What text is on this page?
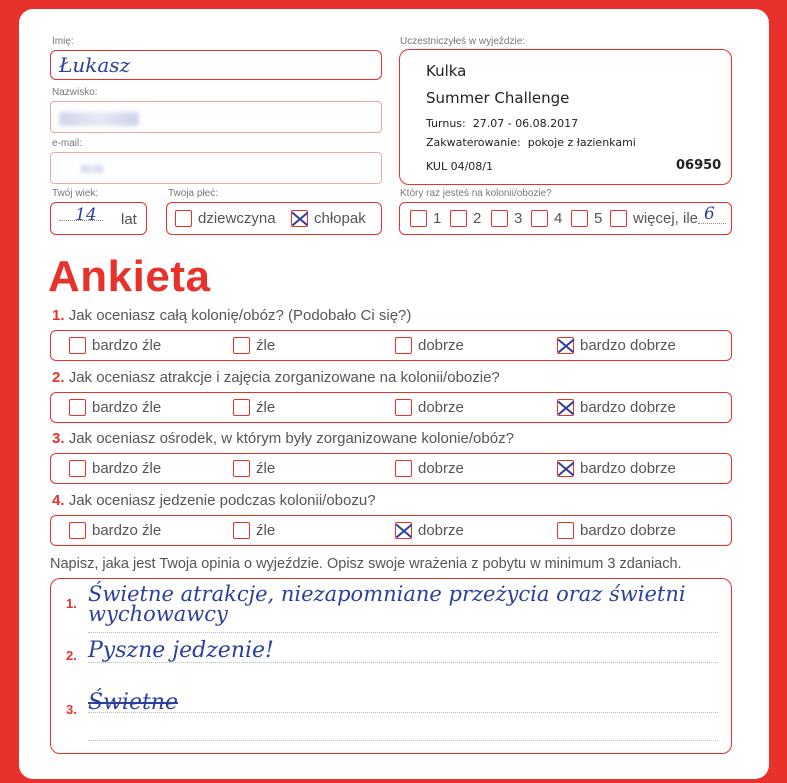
Imię:
Łukasz
Nazwisko:
e-mail:
Uczestniczyłeś w wyjeździe:
Kulka
Summer Challenge
Turnus: 27.07 - 06.08.2017
Zakwaterowanie: pokoje z łazienkami
KUL 04/08/1	06950
Twój wiek:
14 lat
Twoja płeć:
dziewczyna	chłopak
Który raz jesteś na kolonii/obozie?
1 2 3 4 5 więcej, ile 6
Ankieta
1. Jak oceniasz całą kolonię/obóz? (Podobało Ci się?)
bardzo źle	źle	dobrze	bardzo dobrze
2. Jak oceniasz atrakcje i zajęcia zorganizowane na kolonii/obozie?
bardzo źle	źle	dobrze	bardzo dobrze
3. Jak oceniasz ośrodek, w którym były zorganizowane kolonie/obóz?
bardzo źle	źle	dobrze	bardzo dobrze
4. Jak oceniasz jedzenie podczas kolonii/obozu?
bardzo źle	źle	dobrze	bardzo dobrze
Napisz, jaka jest Twoja opinia o wyjeździe. Opisz swoje wrażenia z pobytu w minimum 3 zdaniach.
1. Świetne atrakcje, niezapomniane przeżycia oraz świetni wychowawcy
2. Pyszne jedzenie!
3. Świetne
